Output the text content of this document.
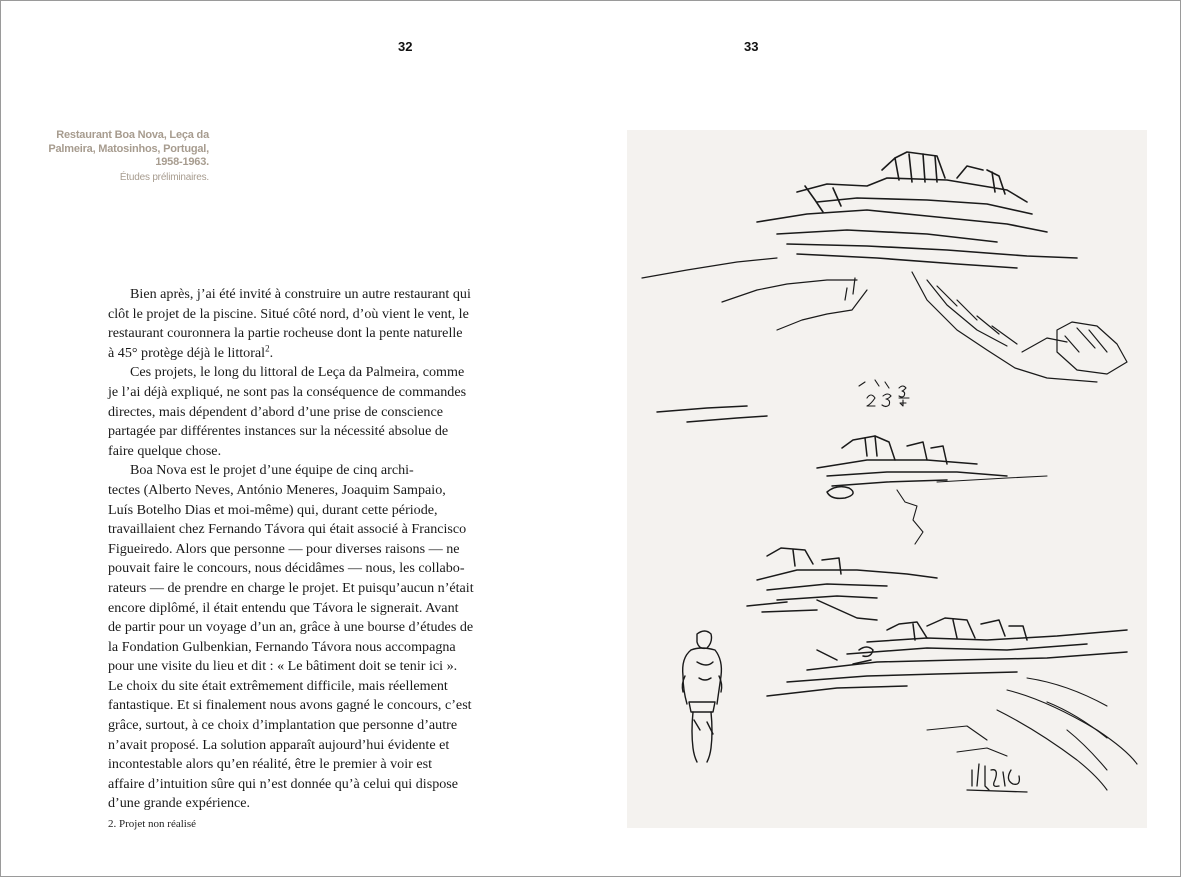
32	33
Restaurant Boa Nova, Leça da
Palmeira, Matosinhos, Portugal,
1958-1963.
Études préliminaires.
Bien après, j’ai été invité à construire un autre restaurant qui
clôt le projet de la piscine. Situé côté nord, d’où vient le vent, le
restaurant couronnera la partie rocheuse dont la pente naturelle
à 45° protège déjà le littoral$^2$.
Ces projets, le long du littoral de Leça da Palmeira, comme
je l’ai déjà expliqué, ne sont pas la conséquence de commandes
directes, mais dépendent d’abord d’une prise de conscience
partagée par différentes instances sur la nécessité absolue de
faire quelque chose.
Boa Nova est le projet d’une équipe de cinq archi-
tectes (Alberto Neves, António Meneres, Joaquim Sampaio,
Luís Botelho Dias et moi-même) qui, durant cette période,
travaillaient chez Fernando Távora qui était associé à Francisco
Figueiredo. Alors que personne — pour diverses raisons — ne
pouvait faire le concours, nous décidâmes — nous, les collabo-
rateurs — de prendre en charge le projet. Et puisqu’aucun n’était
encore diplômé, il était entendu que Távora le signerait. Avant
de partir pour un voyage d’un an, grâce à une bourse d’études de
la Fondation Gulbenkian, Fernando Távora nous accompagna
pour une visite du lieu et dit : « Le bâtiment doit se tenir ici ».
Le choix du site était extrêmement difficile, mais réellement
fantastique. Et si finalement nous avons gagné le concours, c’est
grâce, surtout, à ce choix d’implantation que personne d’autre
n’avait proposé. La solution apparaît aujourd’hui évidente et
incontestable alors qu’en réalité, être le premier à voir est
affaire d’intuition sûre qui n’est donnée qu’à celui qui dispose
d’une grande expérience.
2. Projet non réalisé
2 3 3/4
